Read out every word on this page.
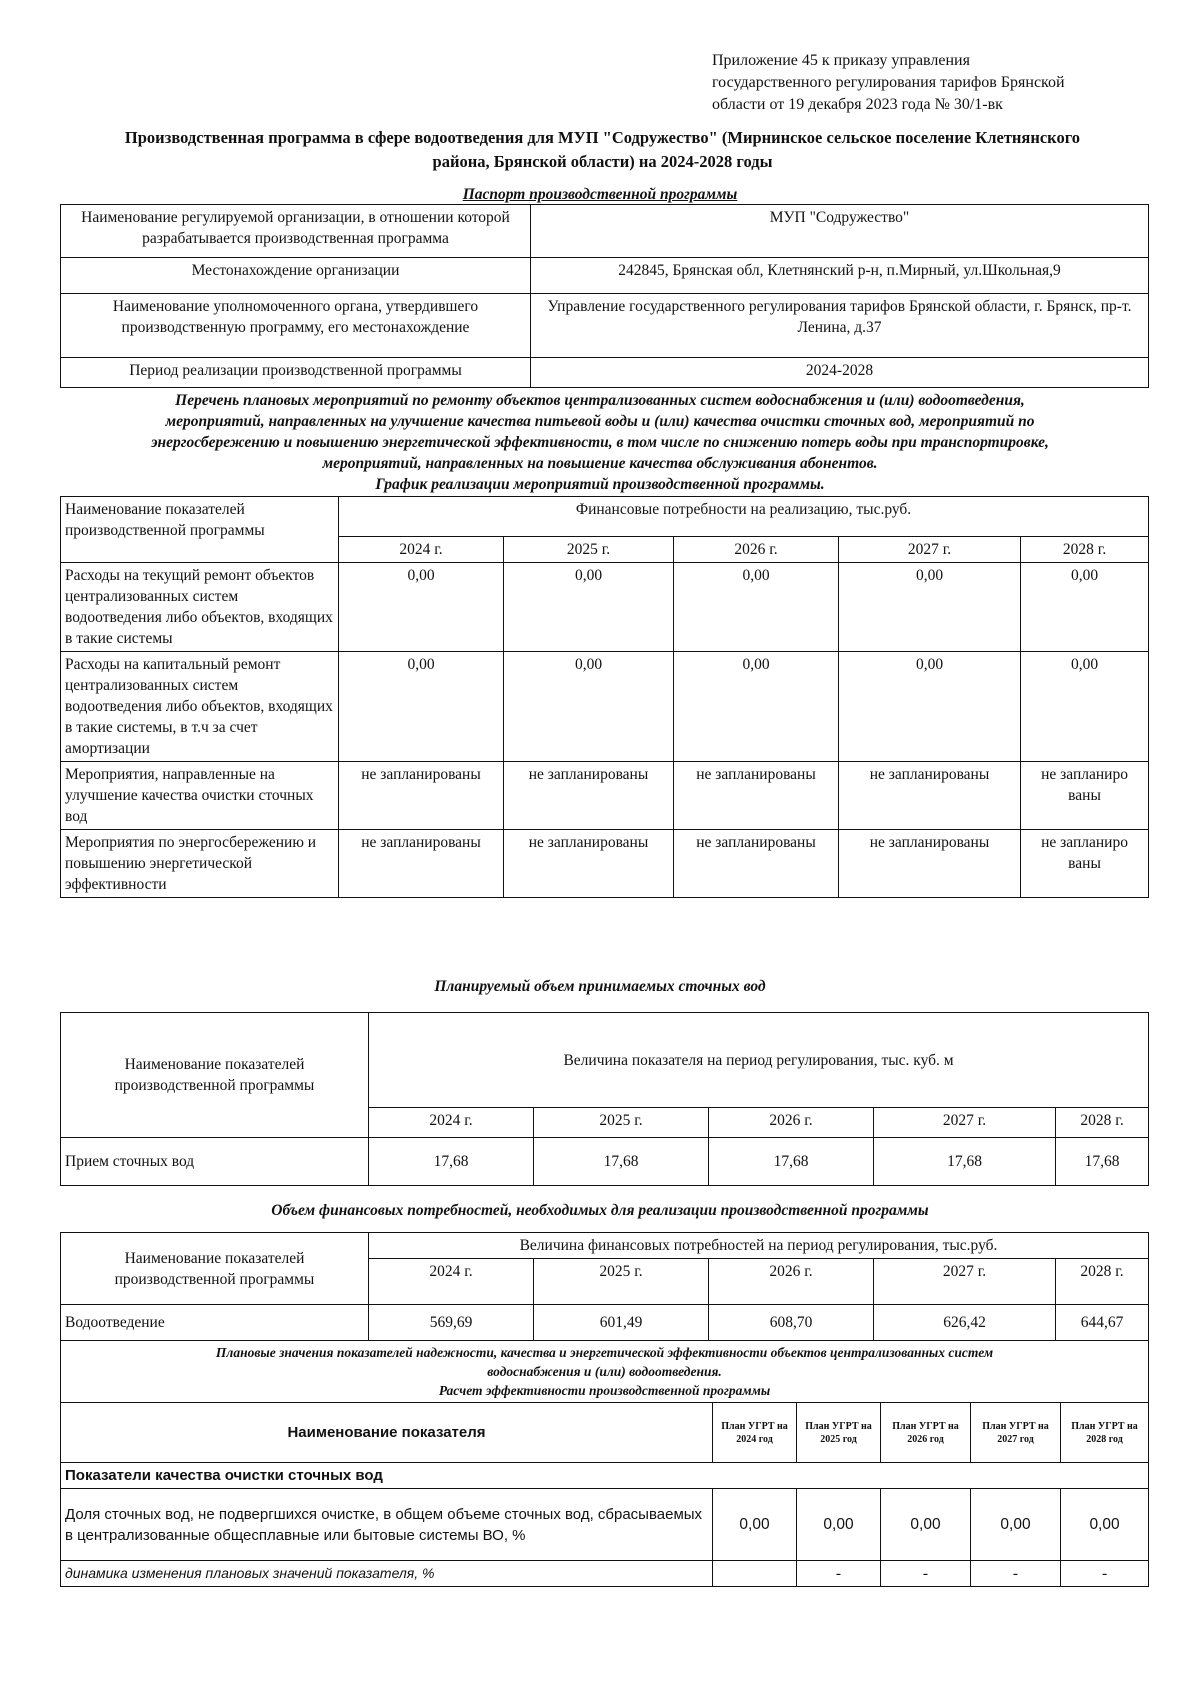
Приложение 45 к приказу управления
государственного регулирования тарифов Брянской
области от 19 декабря 2023 года № 30/1-вк
Производственная программа в сфере водоотведения для МУП "Содружество" (Мирнинское сельское поселение Клетнянского
района, Брянской области) на 2024-2028 годы
Паспорт производственной программы
Наименование регулируемой организации, в отношении которой разрабатывается производственная программа	МУП "Содружество"
Местонахождение организации	242845, Брянская обл, Клетнянский р-н, п.Мирный, ул.Школьная,9
Наименование уполномоченного органа, утвердившего производственную программу, его местонахождение	Управление государственного регулирования тарифов Брянской области, г. Брянск, пр-т. Ленина, д.37
Период реализации производственной программы	2024-2028
Перечень плановых мероприятий по ремонту объектов централизованных систем водоснабжения и (или) водоотведения,
мероприятий, направленных на улучшение качества питьевой воды и (или) качества очистки сточных вод, мероприятий по
энергосбережению и повышению энергетической эффективности, в том числе по снижению потерь воды при транспортировке,
мероприятий, направленных на повышение качества обслуживания абонентов.
График реализации мероприятий производственной программы.
Наименование показателей производственной программы	Финансовые потребности на реализацию, тыс.руб.				
	2024 г.	2025 г.	2026 г.	2027 г.	2028 г.
Расходы на текущий ремонт объектов централизованных систем водоотведения либо объектов, входящих в такие системы	0,00	0,00	0,00	0,00	0,00
Расходы на капитальный ремонт централизованных систем водоотведения либо объектов, входящих в такие системы, в т.ч за счет амортизации	0,00	0,00	0,00	0,00	0,00
Мероприятия, направленные на улучшение качества очистки сточных вод	не запланированы	не запланированы	не запланированы	не запланированы	не запланиро ваны
Мероприятия по энергосбережению и повышению энергетической эффективности	не запланированы	не запланированы	не запланированы	не запланированы	не запланиро ваны
Планируемый объем принимаемых сточных вод
Наименование показателей производственной программы	Величина показателя на период регулирования, тыс. куб. м				
	2024 г.	2025 г.	2026 г.	2027 г.	2028 г.
Прием сточных вод	17,68	17,68	17,68	17,68	17,68
Объем финансовых потребностей, необходимых для реализации производственной программы
Наименование показателей производственной программы	Величина финансовых потребностей на период регулирования, тыс.руб.				
	2024 г.	2025 г.	2026 г.	2027 г.	2028 г.
Водоотведение	569,69	601,49	608,70	626,42	644,67
Плановые значения показателей надежности, качества и энергетической эффективности объектов централизованных систем
водоснабжения и (или) водоотведения.
Расчет эффективности производственной программы					

Наименование показателя	План УГРТ на 2024 год	План УГРТ на 2025 год	План УГРТ на 2026 год	План УГРТ на 2027 год	План УГРТ на 2028 год
Показатели качества очистки сточных вод					
Доля сточных вод, не подвергшихся очистке, в общем объеме сточных вод, сбрасываемых в централизованные общесплавные или бытовые системы ВО, %	0,00	0,00	0,00	0,00	0,00
динамика изменения плановых значений показателя, %		-	-	-	-
